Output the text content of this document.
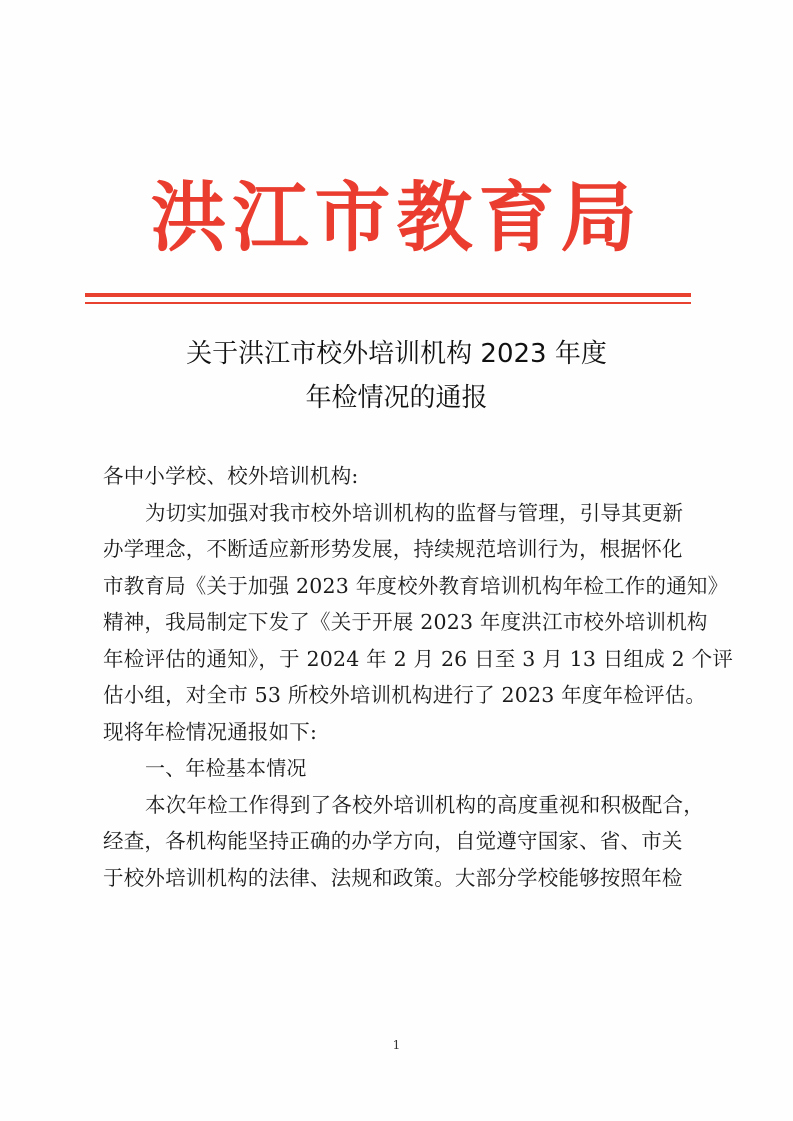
洪江市教育局
关于洪江市校外培训机构 2023 年度
年检情况的通报
各中小学校、校外培训机构:
为切实加强对我市校外培训机构的监督与管理，引导其更新
办学理念，不断适应新形势发展，持续规范培训行为，根据怀化
市教育局《关于加强 2023 年度校外教育培训机构年检工作的通知》
精神，我局制定下发了《关于开展 2023 年度洪江市校外培训机构
年检评估的通知》，于 2024 年 2 月 26 日至 3 月 13 日组成 2 个评
估小组，对全市 53 所校外培训机构进行了 2023 年度年检评估。
现将年检情况通报如下:
一、年检基本情况
本次年检工作得到了各校外培训机构的高度重视和积极配合，
经查，各机构能坚持正确的办学方向，自觉遵守国家、省、市关
于校外培训机构的法律、法规和政策。大部分学校能够按照年检
1
